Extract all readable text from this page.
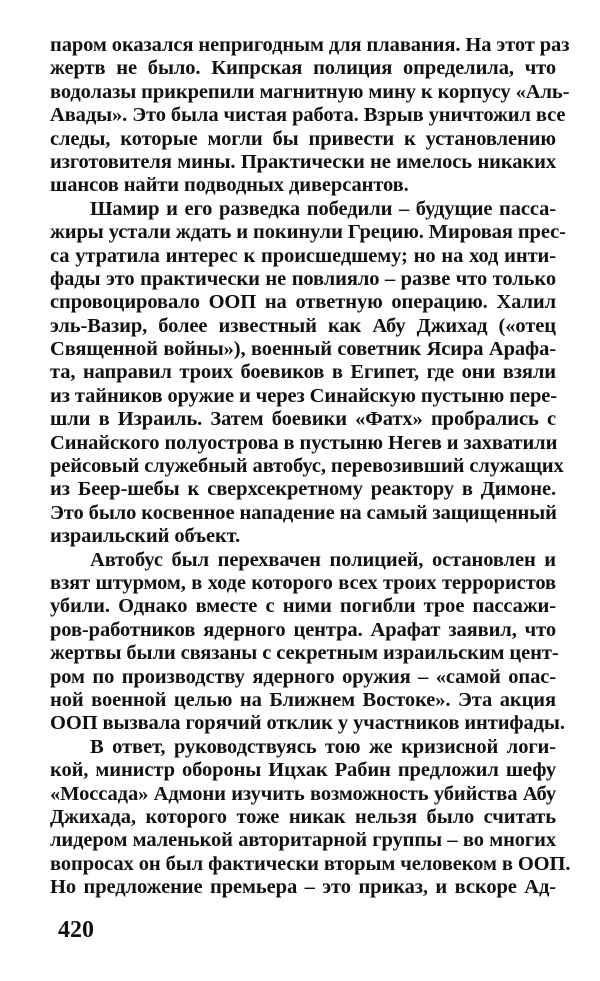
паром оказался непригодным для плавания. На этот раз
жертв не было. Кипрская полиция определила, что
водолазы прикрепили магнитную мину к корпусу «Аль-
Авады». Это была чистая работа. Взрыв уничтожил все
следы, которые могли бы привести к установлению
изготовителя мины. Практически не имелось никаких
шансов найти подводных диверсантов.
Шамир и его разведка победили – будущие пасса-
жиры устали ждать и покинули Грецию. Мировая прес-
са утратила интерес к происшедшему; но на ход инти-
фады это практически не повлияло – разве что только
спровоцировало ООП на ответную операцию. Халил
эль-Вазир, более известный как Абу Джихад («отец
Священной войны»), военный советник Ясира Арафа-
та, направил троих боевиков в Египет, где они взяли
из тайников оружие и через Синайскую пустыню пере-
шли в Израиль. Затем боевики «Фатх» пробрались с
Синайского полуострова в пустыню Негев и захватили
рейсовый служебный автобус, перевозивший служащих
из Беер-шебы к сверхсекретному реактору в Димоне.
Это было косвенное нападение на самый защищенный
израильский объект.
Автобус был перехвачен полицией, остановлен и
взят штурмом, в ходе которого всех троих террористов
убили. Однако вместе с ними погибли трое пассажи-
ров-работников ядерного центра. Арафат заявил, что
жертвы были связаны с секретным израильским цент-
ром по производству ядерного оружия – «самой опас-
ной военной целью на Ближнем Востоке». Эта акция
ООП вызвала горячий отклик у участников интифады.
В ответ, руководствуясь тою же кризисной логи-
кой, министр обороны Ицхак Рабин предложил шефу
«Моссада» Адмони изучить возможность убийства Абу
Джихада, которого тоже никак нельзя было считать
лидером маленькой авторитарной группы – во многих
вопросах он был фактически вторым человеком в ООП.
Но предложение премьера – это приказ, и вскоре Ад-
420
